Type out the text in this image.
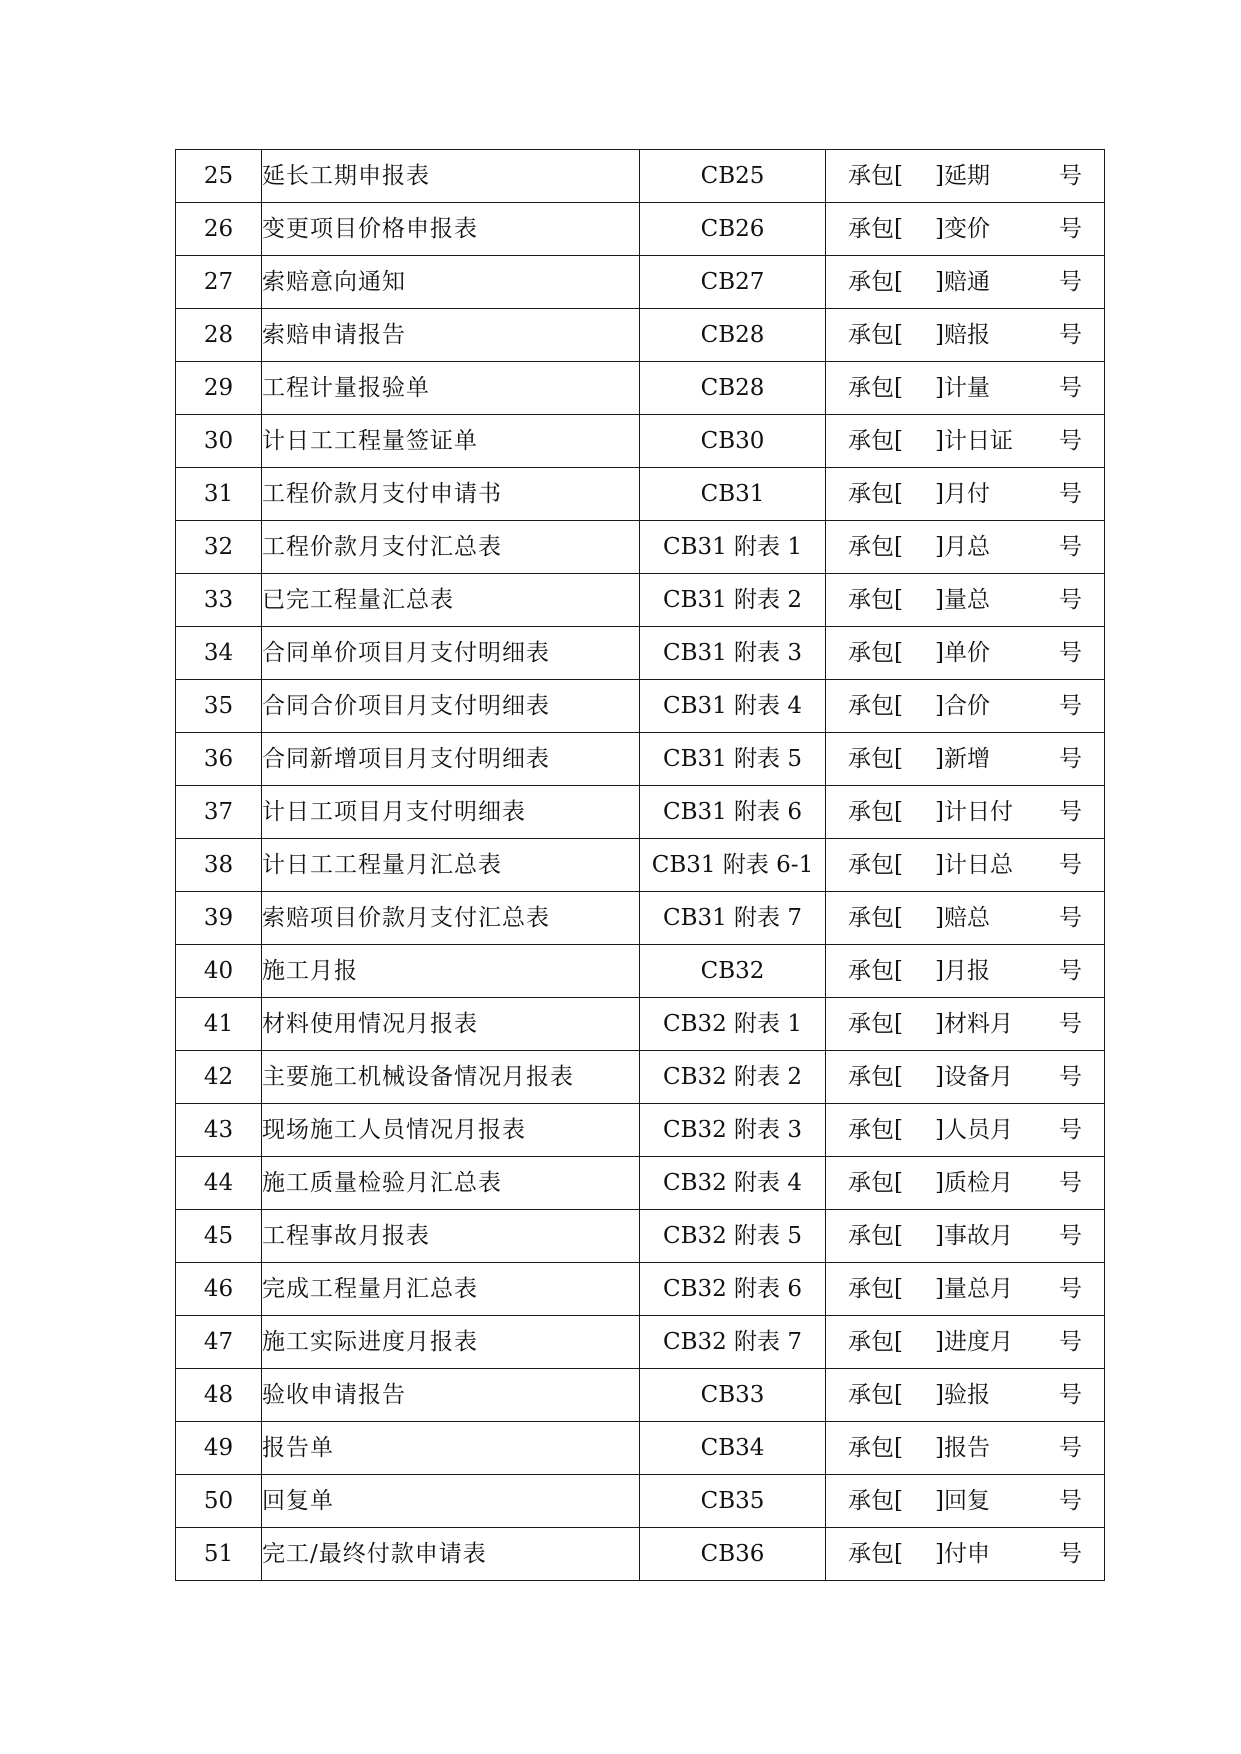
25	延长工期申报表	CB25	承包[ ]延期 号

26	变更项目价格申报表	CB26	承包[ ]变价 号

27	索赔意向通知	CB27	承包[ ]赔通 号

28	索赔申请报告	CB28	承包[ ]赔报 号

29	工程计量报验单	CB28	承包[ ]计量 号

30	计日工工程量签证单	CB30	承包[ ]计日证 号

31	工程价款月支付申请书	CB31	承包[ ]月付 号

32	工程价款月支付汇总表	CB31 附表 1	承包[ ]月总 号

33	已完工程量汇总表	CB31 附表 2	承包[ ]量总 号

34	合同单价项目月支付明细表	CB31 附表 3	承包[ ]单价 号

35	合同合价项目月支付明细表	CB31 附表 4	承包[ ]合价 号

36	合同新增项目月支付明细表	CB31 附表 5	承包[ ]新增 号

37	计日工项目月支付明细表	CB31 附表 6	承包[ ]计日付 号

38	计日工工程量月汇总表	CB31 附表 6-1	承包[ ]计日总 号

39	索赔项目价款月支付汇总表	CB31 附表 7	承包[ ]赔总 号

40	施工月报	CB32	承包[ ]月报 号

41	材料使用情况月报表	CB32 附表 1	承包[ ]材料月 号

42	主要施工机械设备情况月报表	CB32 附表 2	承包[ ]设备月 号

43	现场施工人员情况月报表	CB32 附表 3	承包[ ]人员月 号

44	施工质量检验月汇总表	CB32 附表 4	承包[ ]质检月 号

45	工程事故月报表	CB32 附表 5	承包[ ]事故月 号

46	完成工程量月汇总表	CB32 附表 6	承包[ ]量总月 号

47	施工实际进度月报表	CB32 附表 7	承包[ ]进度月 号

48	验收申请报告	CB33	承包[ ]验报 号

49	报告单	CB34	承包[ ]报告 号

50	回复单	CB35	承包[ ]回复 号

51	完工/最终付款申请表	CB36	承包[ ]付申 号
